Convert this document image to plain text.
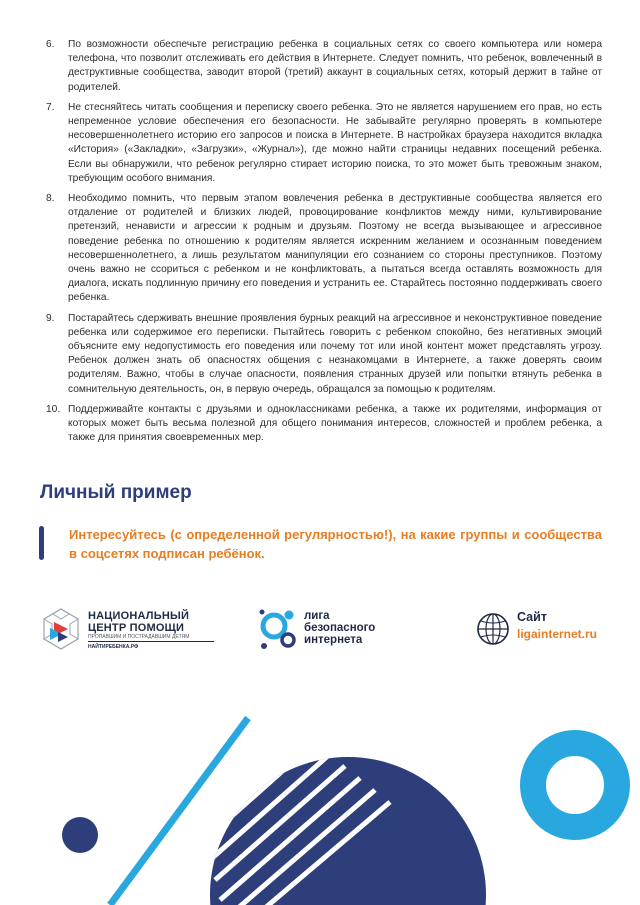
6.	По возможности обеспечьте регистрацию ребенка в социальных сетях со своего компьютера или номера телефона, что позволит отслеживать его действия в Интернете. Следует помнить, что ребенок, вовлеченный в деструктивные сообщества, заводит второй (третий) аккаунт в социальных сетях, который держит в тайне от родителей.
7.	Не стесняйтесь читать сообщения и переписку своего ребенка. Это не является нарушением его прав, но есть непременное условие обеспечения его безопасности. Не забывайте регулярно проверять в компьютере несовершеннолетнего историю его запросов и поиска в Интернете. В настройках браузера находится вкладка «История» («Закладки», «Загрузки», «Журнал»), где можно найти страницы недавних посещений ребенка. Если вы обнаружили, что ребенок регулярно стирает историю поиска, то это может быть тревожным знаком, требующим особого внимания.
8.	Необходимо помнить, что первым этапом вовлечения ребенка в деструктивные сообщества является его отдаление от родителей и близких людей, провоцирование конфликтов между ними, культивирование претензий, ненависти и агрессии к родным и друзьям. Поэтому не всегда вызывающее и агрессивное поведение ребенка по отношению к родителям является искренним желанием и осознанным поведением несовершеннолетнего, а лишь результатом манипуляции его сознанием со стороны преступников. Поэтому очень важно не ссориться с ребенком и не конфликтовать, а пытаться всегда оставлять возможность для диалога, искать подлинную причину его поведения и устранить ее. Старайтесь постоянно поддерживать своего ребенка.
9.	Постарайтесь сдерживать внешние проявления бурных реакций на агрессивное и неконструктивное поведение ребенка или содержимое его переписки. Пытайтесь говорить с ребенком спокойно, без негативных эмоций объясните ему недопустимость его поведения или почему тот или иной контент может представлять угрозу. Ребенок должен знать об опасностях общения с незнакомцами в Интернете, а также доверять своим родителям. Важно, чтобы в случае опасности, появления странных друзей или попытки втянуть ребенка в сомнительную деятельность, он, в первую очередь, обращался за помощью к родителям.
10. Поддерживайте контакты с друзьями и одноклассниками ребенка, а также их родителями, информация от которых может быть весьма полезной для общего понимания интересов, сложностей и проблем ребенка, а также для принятия своевременных мер.
Личный пример

Интересуйтесь (с определенной регулярностью!), на какие группы и сообщества в соцсетях подписан ребёнок.

НАЦИОНАЛЬНЫЙ
ЦЕНТР ПОМОЩИ
ПРОПАВШИМ И ПОСТРАДАВШИМ ДЕТЯМ
НАЙТИРЕБЕНКА.РФ
лига
безопасного
интернета
Сайт
ligainternet.ru
